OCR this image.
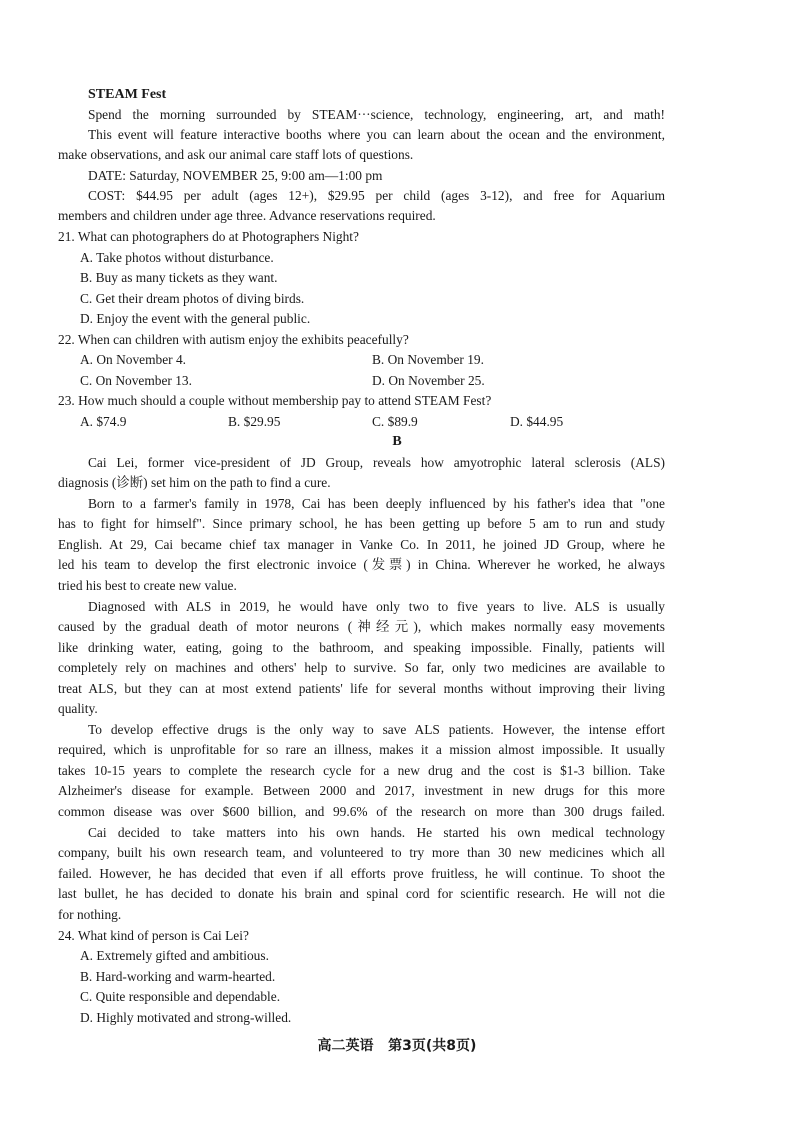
STEAM Fest
Spend the morning surrounded by STEAM···science, technology, engineering, art, and math!
This event will feature interactive booths where you can learn about the ocean and the environment,
make observations, and ask our animal care staff lots of questions.
DATE: Saturday, NOVEMBER 25, 9:00 am—1:00 pm
COST: $44.95 per adult (ages 12+), $29.95 per child (ages 3-12), and free for Aquarium
members and children under age three. Advance reservations required.
21. What can photographers do at Photographers Night?
A. Take photos without disturbance.
B. Buy as many tickets as they want.
C. Get their dream photos of diving birds.
D. Enjoy the event with the general public.
22. When can children with autism enjoy the exhibits peacefully?
A. On November 4.	B. On November 19.
C. On November 13.	D. On November 25.
23. How much should a couple without membership pay to attend STEAM Fest?
A. $74.9	B. $29.95	C. $89.9	D. $44.95
B
Cai Lei, former vice-president of JD Group, reveals how amyotrophic lateral sclerosis (ALS)
diagnosis (诊断) set him on the path to find a cure.
Born to a farmer's family in 1978, Cai has been deeply influenced by his father's idea that "one
has to fight for himself". Since primary school, he has been getting up before 5 am to run and study
English. At 29, Cai became chief tax manager in Vanke Co. In 2011, he joined JD Group, where he
led his team to develop the first electronic invoice (发票) in China. Wherever he worked, he always
tried his best to create new value.
Diagnosed with ALS in 2019, he would have only two to five years to live. ALS is usually
caused by the gradual death of motor neurons (神经元), which makes normally easy movements
like drinking water, eating, going to the bathroom, and speaking impossible. Finally, patients will
completely rely on machines and others' help to survive. So far, only two medicines are available to
treat ALS, but they can at most extend patients' life for several months without improving their living
quality.
To develop effective drugs is the only way to save ALS patients. However, the intense effort
required, which is unprofitable for so rare an illness, makes it a mission almost impossible. It usually
takes 10-15 years to complete the research cycle for a new drug and the cost is $1-3 billion. Take
Alzheimer's disease for example. Between 2000 and 2017, investment in new drugs for this more
common disease was over $600 billion, and 99.6% of the research on more than 300 drugs failed.
Cai decided to take matters into his own hands. He started his own medical technology
company, built his own research team, and volunteered to try more than 30 new medicines which all
failed. However, he has decided that even if all efforts prove fruitless, he will continue. To shoot the
last bullet, he has decided to donate his brain and spinal cord for scientific research. He will not die
for nothing.
24. What kind of person is Cai Lei?
A. Extremely gifted and ambitious.
B. Hard-working and warm-hearted.
C. Quite responsible and dependable.
D. Highly motivated and strong-willed.
高二英语   第3页(共8页)
